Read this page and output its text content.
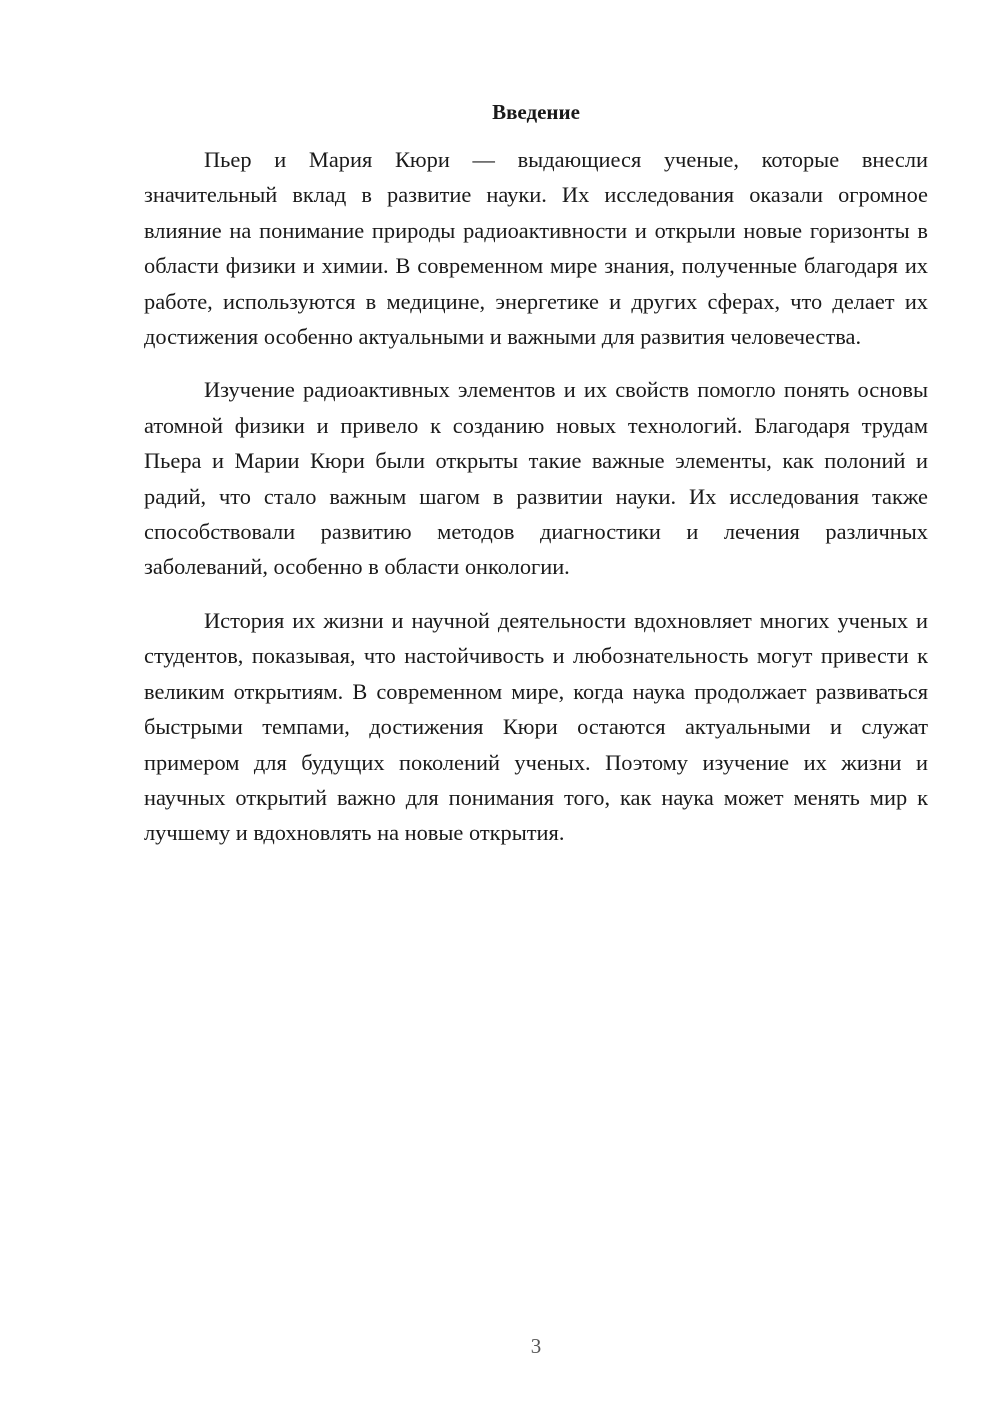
Введение

Пьер и Мария Кюри — выдающиеся ученые, которые внесли значительный вклад в развитие науки. Их исследования оказали огромное влияние на понимание природы радиоактивности и открыли новые горизонты в области физики и химии. В современном мире знания, полученные благодаря их работе, используются в медицине, энергетике и других сферах, что делает их достижения особенно актуальными и важными для развития человечества.

Изучение радиоактивных элементов и их свойств помогло понять основы атомной физики и привело к созданию новых технологий. Благодаря трудам Пьера и Марии Кюри были открыты такие важные элементы, как полоний и радий, что стало важным шагом в развитии науки. Их исследования также способствовали развитию методов диагностики и лечения различных заболеваний, особенно в области онкологии.

История их жизни и научной деятельности вдохновляет многих ученых и студентов, показывая, что настойчивость и любознательность могут привести к великим открытиям. В современном мире, когда наука продолжает развиваться быстрыми темпами, достижения Кюри остаются актуальными и служат примером для будущих поколений ученых. Поэтому изучение их жизни и научных открытий важно для понимания того, как наука может менять мир к лучшему и вдохновлять на новые открытия.

3
